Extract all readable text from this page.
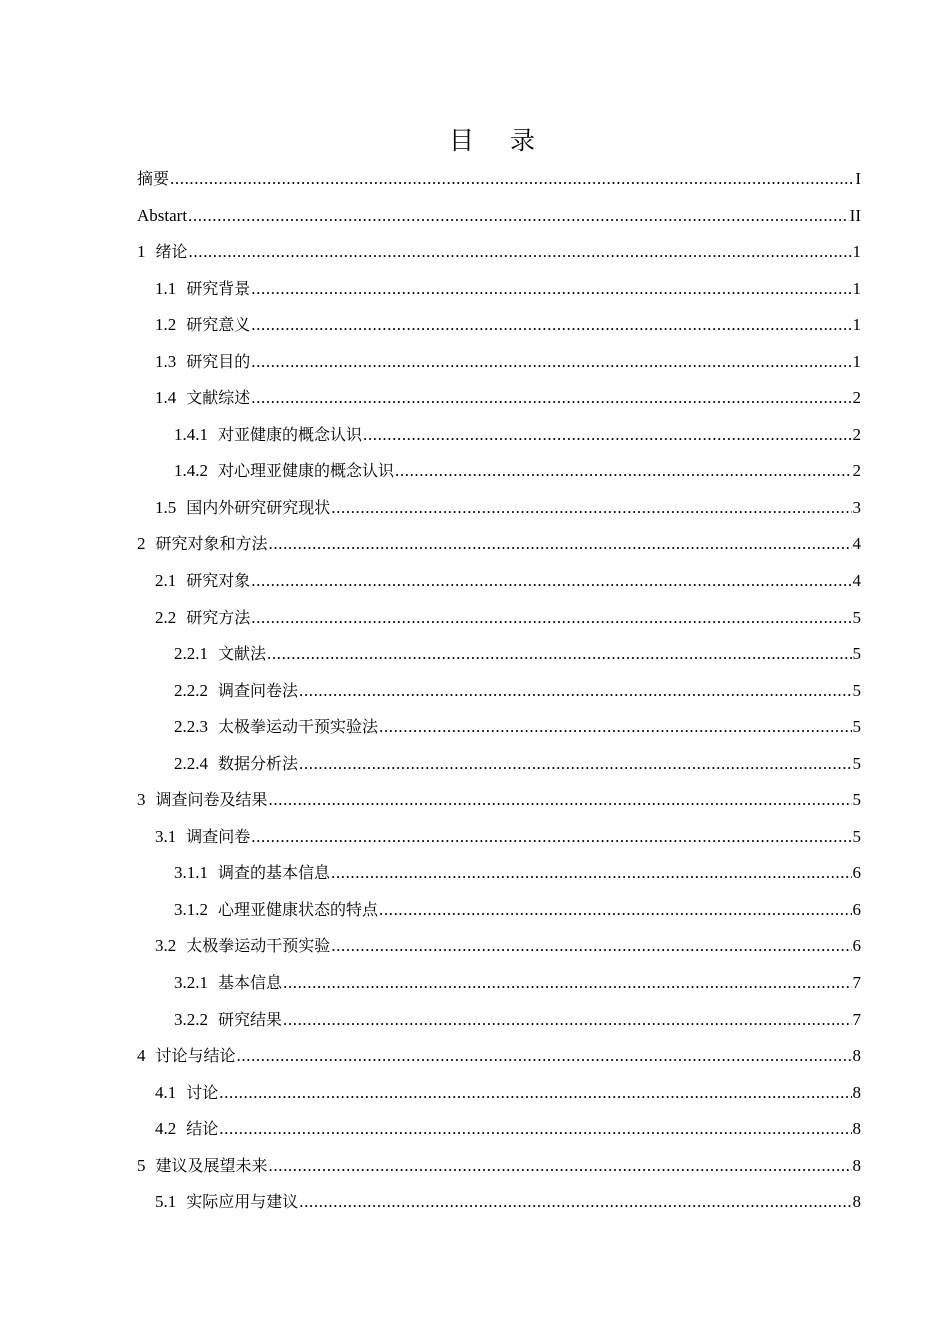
目 录
摘要 .....	I
Abstart .....	II
1 绪论 .....	1
1.1 研究背景 .....	1
1.2 研究意义 .....	1
1.3 研究目的 .....	1
1.4 文献综述 .....	2
1.4.1 对亚健康的概念认识 .....	2
1.4.2 对心理亚健康的概念认识 .....	2
1.5 国内外研究研究现状 .....	3
2 研究对象和方法 .....	4
2.1 研究对象 .....	4
2.2 研究方法 .....	5
2.2.1 文献法 .....	5
2.2.2 调查问卷法 .....	5
2.2.3 太极拳运动干预实验法 .....	5
2.2.4 数据分析法 .....	5
3 调查问卷及结果 .....	5
3.1 调查问卷 .....	5
3.1.1 调查的基本信息 .....	6
3.1.2 心理亚健康状态的特点 .....	6
3.2 太极拳运动干预实验 .....	6
3.2.1 基本信息 .....	7
3.2.2 研究结果 .....	7
4 讨论与结论 .....	8
4.1 讨论 .....	8
4.2 结论 .....	8
5 建议及展望未来 .....	8
5.1 实际应用与建议 .....	8
